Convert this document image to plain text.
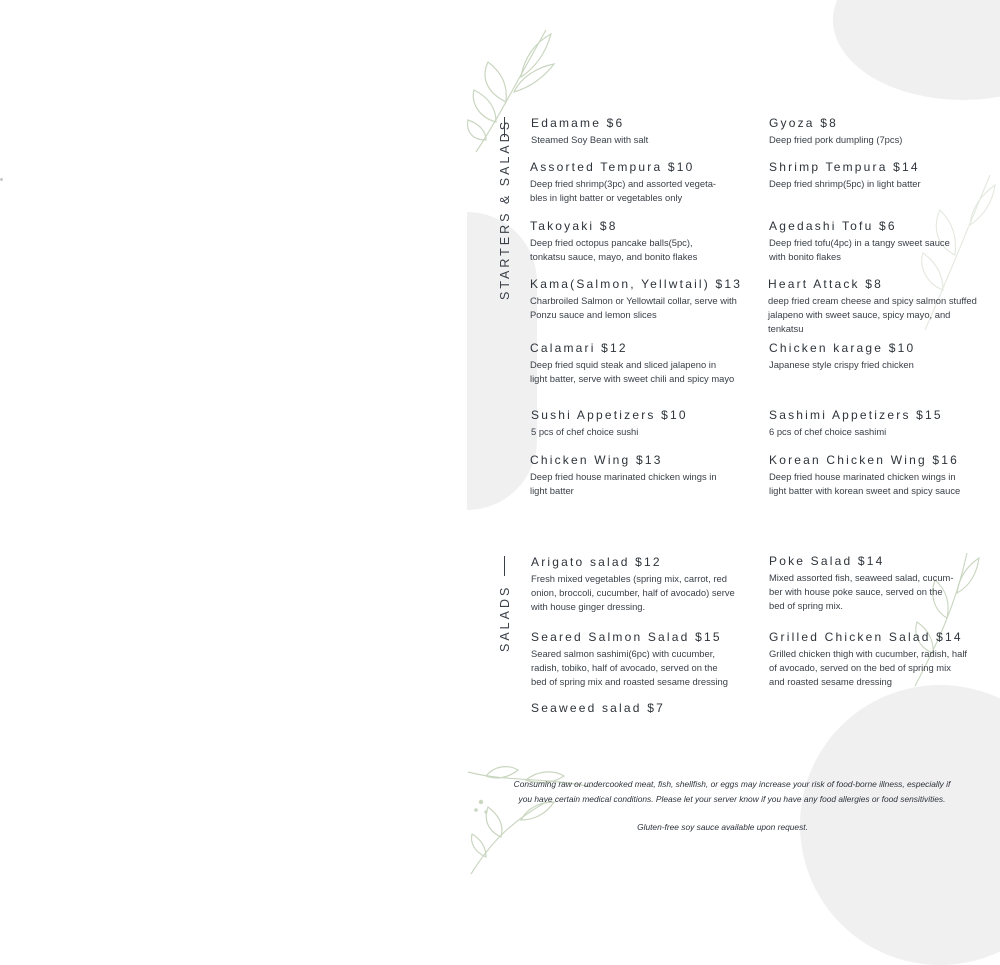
STARTERS & SALADS
SALADS
Edamame $6
Steamed Soy Bean with salt
Assorted Tempura $10
Deep fried shrimp(3pc) and assorted vegeta- bles in light batter or vegetables only
Takoyaki $8
Deep fried octopus pancake balls(5pc), tonkatsu sauce, mayo, and bonito flakes
Kama(Salmon, Yellwtail) $13
Charbroiled Salmon or Yellowtail collar, serve with Ponzu sauce and lemon slices
Calamari $12
Deep fried squid steak and sliced jalapeno in light batter, serve with sweet chili and spicy mayo
Sushi Appetizers $10
5 pcs of chef choice sushi
Chicken Wing $13
Deep fried house marinated chicken wings in light batter
Gyoza $8
Deep fried pork dumpling (7pcs)
Shrimp Tempura $14
Deep fried shrimp(5pc) in light batter
Agedashi Tofu $6
Deep fried tofu(4pc) in a tangy sweet sauce with bonito flakes
Heart Attack $8
deep fried cream cheese and spicy salmon stuffed jalapeno with sweet sauce, spicy mayo, and tenkatsu
Chicken karage $10
Japanese style crispy fried chicken
Sashimi Appetizers $15
6 pcs of chef choice sashimi
Korean Chicken Wing $16
Deep fried house marinated chicken wings in light batter with korean sweet and spicy sauce
Arigato salad $12
Fresh mixed vegetables (spring mix, carrot, red onion, broccoli, cucumber, half of avocado) serve with house ginger dressing.
Seared Salmon Salad $15
Seared salmon sashimi(6pc) with cucumber, radish, tobiko, half of avocado, served on the bed of spring mix and roasted sesame dressing
Seaweed salad $7
Poke Salad $14
Mixed assorted fish, seaweed salad, cucum- ber with house poke sauce, served on the bed of spring mix.
Grilled Chicken Salad $14
Grilled chicken thigh with cucumber, radish, half of avocado, served on the bed of spring mix and roasted sesame dressing
Consuming raw or undercooked meat, fish, shellfish, or eggs may increase your risk of food-borne illness, especially if you have certain medical conditions. Please let your server know if you have any food allergies or food sensitivities.
Gluten-free soy sauce available upon request.
